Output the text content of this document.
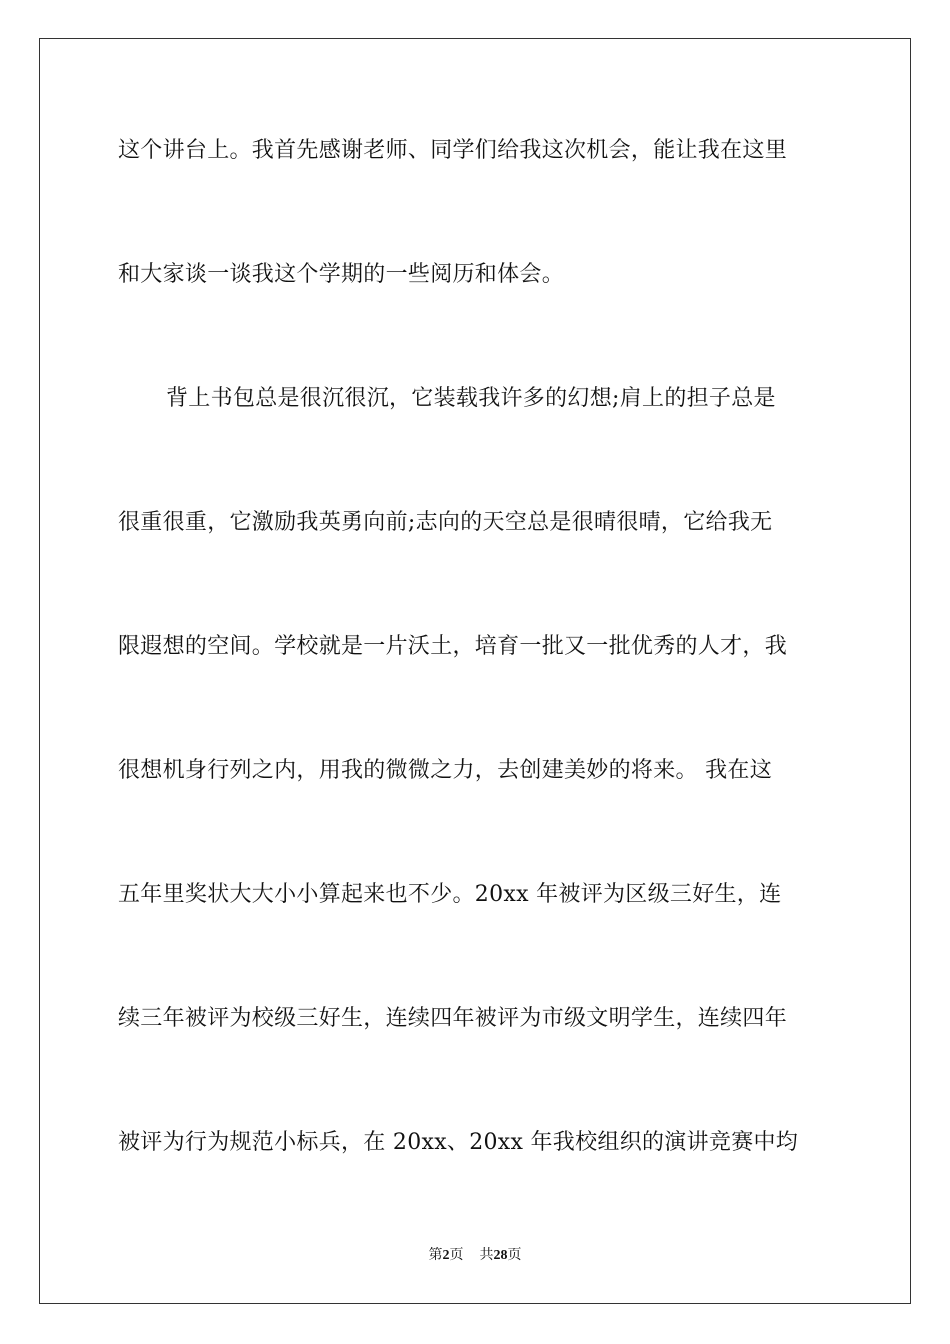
这个讲台上。我首先感谢老师、同学们给我这次机会，能让我在这里
和大家谈一谈我这个学期的一些阅历和体会。
背上书包总是很沉很沉，它装载我许多的幻想;肩上的担子总是
很重很重，它激励我英勇向前;志向的天空总是很晴很晴，它给我无
限遐想的空间。学校就是一片沃土，培育一批又一批优秀的人才，我
很想机身行列之内，用我的微微之力，去创建美妙的将来。 我在这
五年里奖状大大小小算起来也不少。20xx 年被评为区级三好生，连
续三年被评为校级三好生，连续四年被评为市级文明学生，连续四年
被评为行为规范小标兵，在 20xx、20xx 年我校组织的演讲竞赛中均
第2页 共28页
